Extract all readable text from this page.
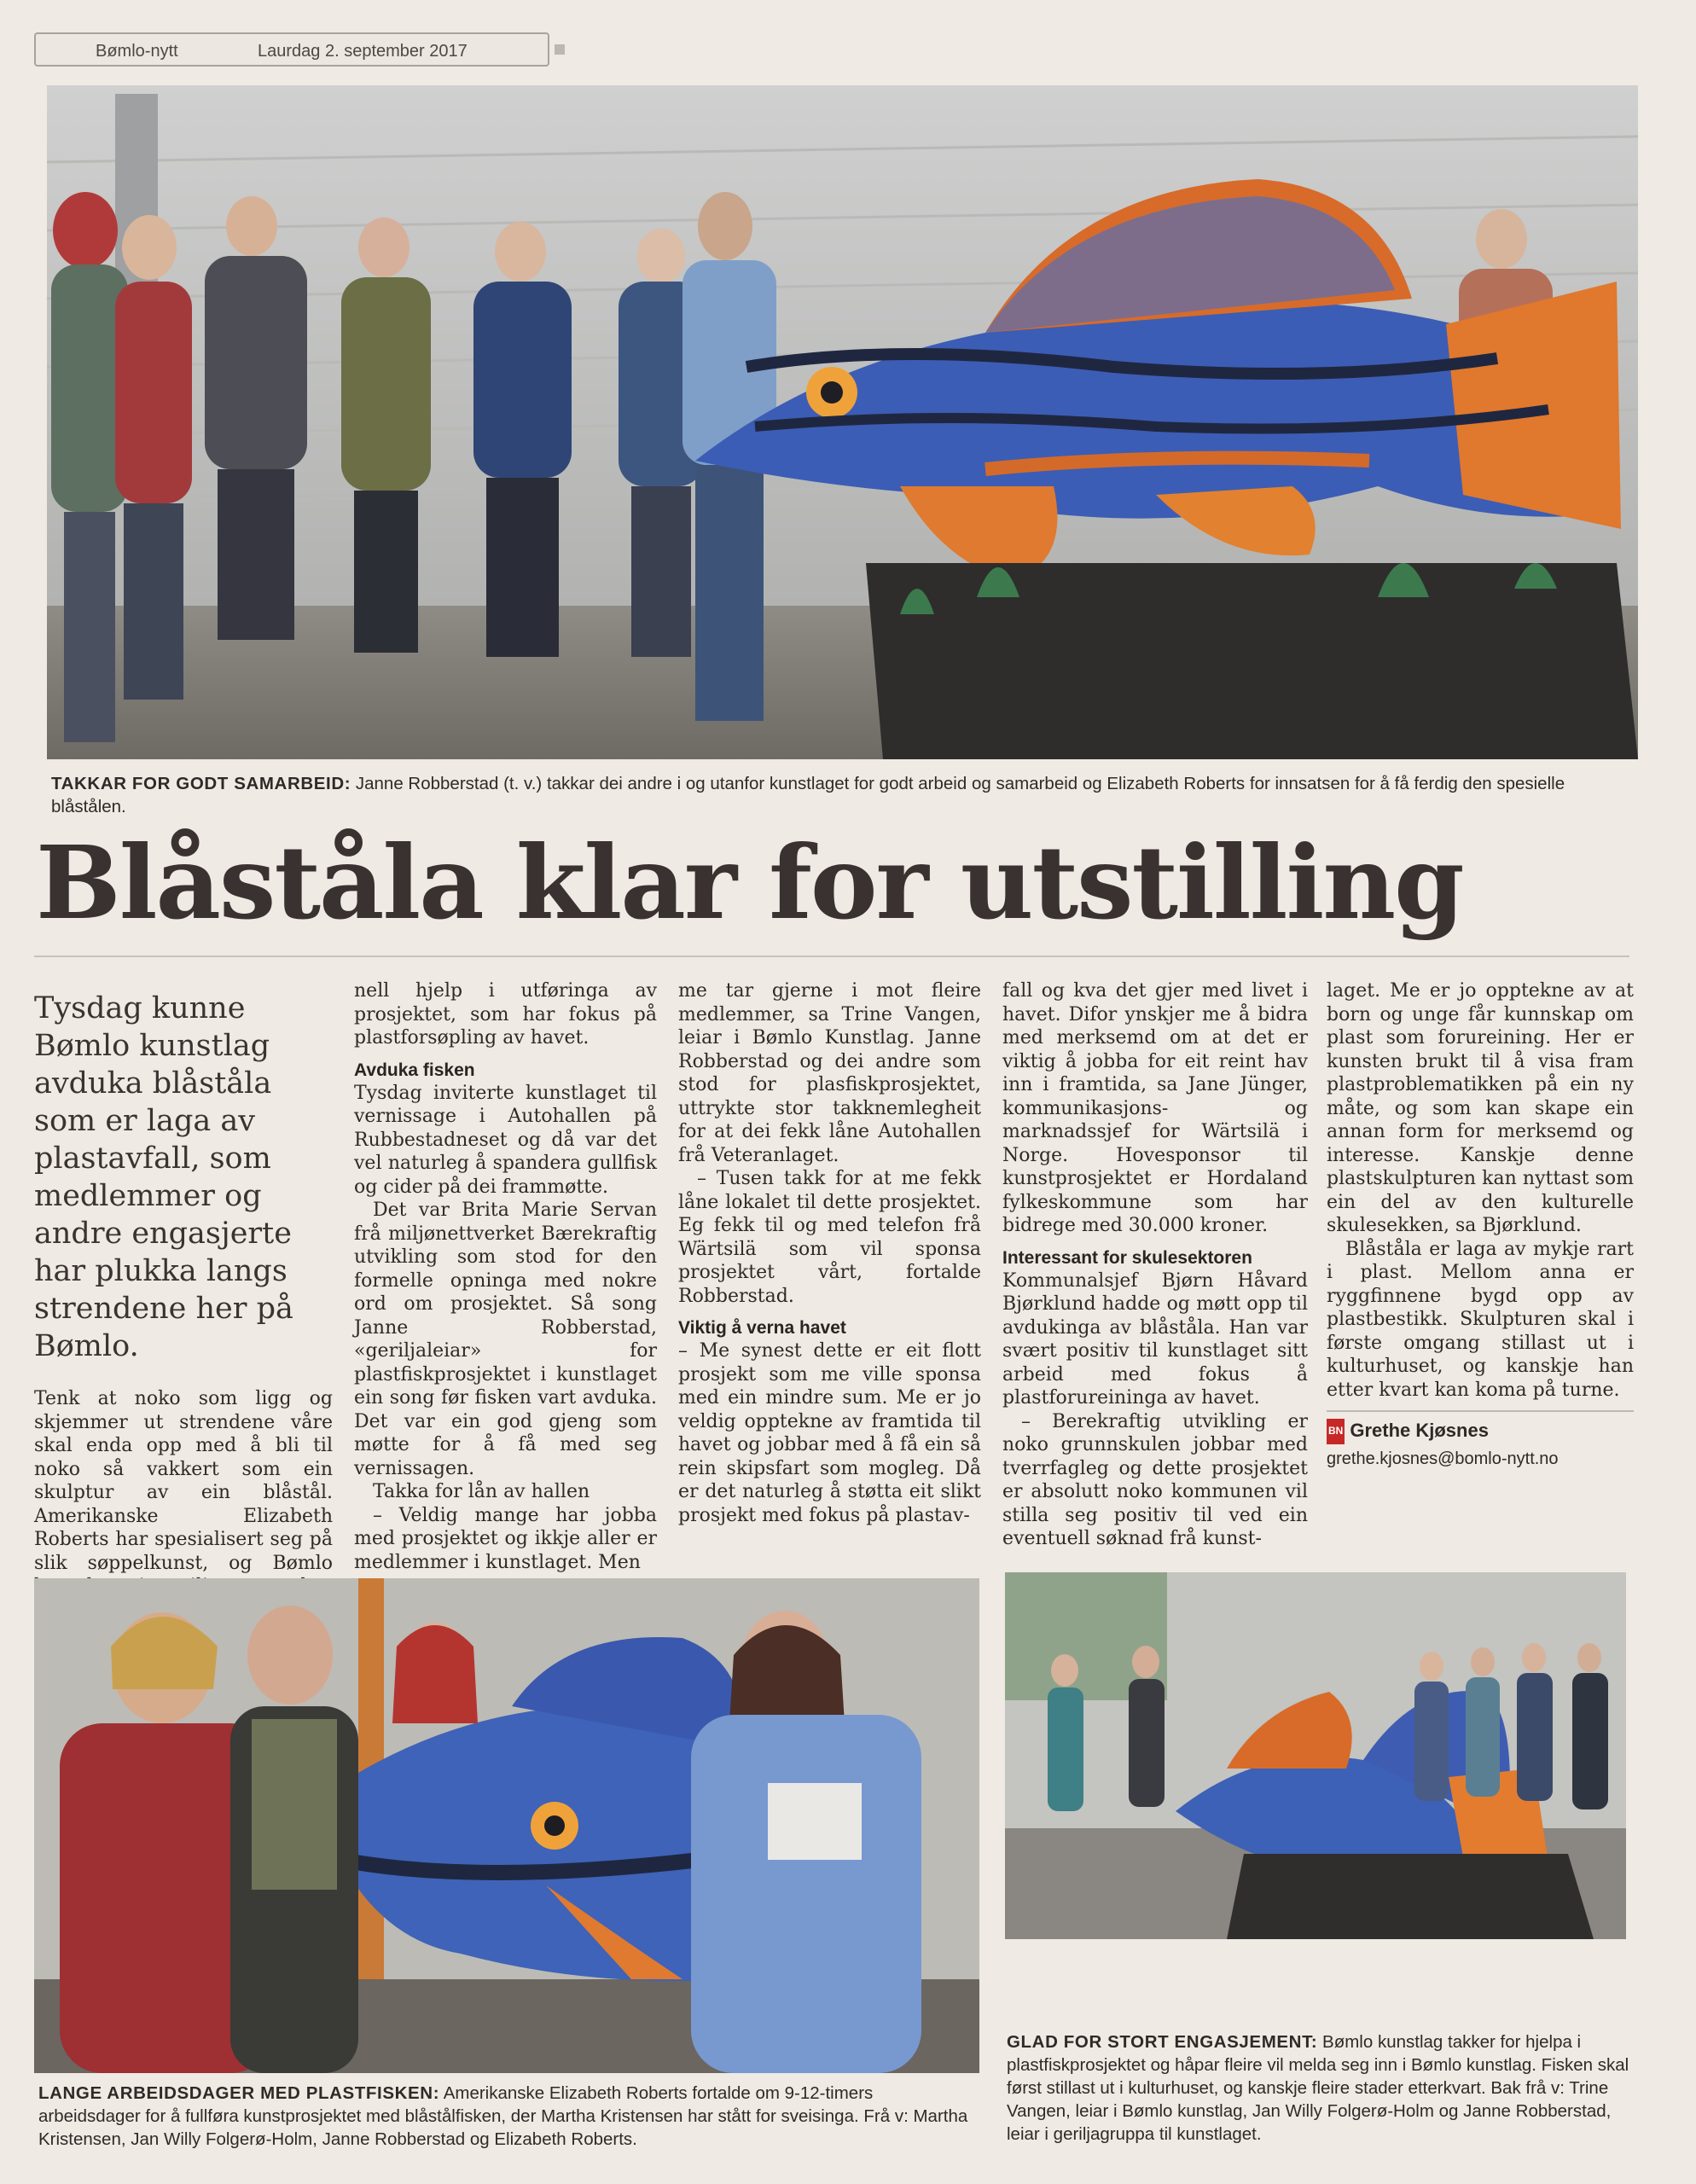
Bømlo-nytt	Laurdag 2. september 2017
TAKKAR FOR GODT SAMARBEID: Janne Robberstad (t. v.) takkar dei andre i og utanfor kunstlaget for godt arbeid og samarbeid og Elizabeth Roberts for innsatsen for å få ferdig den spesielle blåstålen.
Blåståla klar for utstilling

Tysdag kunne Bømlo kunstlag avduka blåståla som er laga av plastavfall, som medlemmer og andre engasjerte har plukka langs strendene her på Bømlo.

Tenk at noko som ligg og skjemmer ut strendene våre skal enda opp med å bli til noko så vakkert som ein skulptur av ein blåstål. Amerikanske Elizabeth Roberts har spesialisert seg på slik søppelkunst, og Bømlo

nell hjelp i utføringa av prosjektet, som har fokus på plastforsøpling av havet.

Avduka fisken

Tysdag inviterte kunstlaget til vernissage i Autohallen på Rubbestadneset og då var det vel naturleg å spandera gullfisk og cider på dei frammøtte.

Det var Brita Marie Servan frå miljønettverket Bærekraftig utvikling som stod for den formelle opninga med nokre ord om prosjektet. Så song Janne Robberstad, «geriljaleiar» for plastfiskprosjektet i kunstlaget ein song før fisken vart avduka. Det var ein god gjeng som møtte for å få med seg vernissagen.

Takka for lån av hallen

– Veldig mange har jobba med prosjektet og ikkje aller er medlemmer i kunstlaget. Men

me tar gjerne i mot fleire medlemmer, sa Trine Vangen, leiar i Bømlo Kunstlag. Janne Robberstad og dei andre som stod for plasfiskprosjektet, uttrykte stor takknemlegheit for at dei fekk låne Autohallen frå Veteranlaget.

– Tusen takk for at me fekk låne lokalet til dette prosjektet. Eg fekk til og med telefon frå Wärtsilä som vil sponsa prosjektet vårt, fortalde Robberstad.

Viktig å verna havet

– Me synest dette er eit flott prosjekt som me ville sponsa med ein mindre sum. Me er jo veldig opptekne av framtida til havet og jobbar med å få ein så rein skipsfart som mogleg. Då er det naturleg å støtta eit slikt prosjekt med fokus på plastav-

fall og kva det gjer med livet i havet. Difor ynskjer me å bidra med merksemd om at det er viktig å jobba for eit reint hav inn i framtida, sa Jane Jünger, kommunikasjons- og marknadssjef for Wärtsilä i Norge. Hovesponsor til kunstprosjektet er Hordaland fylkeskommune som har bidrege med 30.000 kroner.

Interessant for skulesektoren

Kommunalsjef Bjørn Håvard Bjørklund hadde og møtt opp til avdukinga av blåståla. Han var svært positiv til kunstlaget sitt arbeid med fokus å plastforureininga av havet.

– Berekraftig utvikling er noko grunnskulen jobbar med tverrfagleg og dette prosjektet er absolutt noko kommunen vil stilla seg positiv til ved ein eventuell søknad frå kunst-

laget. Me er jo opptekne av at born og unge får kunnskap om plast som forureining. Her er kunsten brukt til å visa fram plastproblematikken på ein ny måte, og som kan skape ein annan form for merksemd og interesse. Kanskje denne plastskulpturen kan nyttast som ein del av den kulturelle skulesekken, sa Bjørklund.

Blåståla er laga av mykje rart i plast. Mellom anna er ryggfinnene bygd opp av plastbestikk. Skulpturen skal i første omgang stillast ut i kulturhuset, og kanskje han etter kvart kan koma på turne.

BN Grethe Kjøsnes
grethe.kjosnes@bomlo-nytt.no
LANGE ARBEIDSDAGER MED PLASTFISKEN: Amerikanske Elizabeth Roberts fortalde om 9-12-timers arbeidsdager for å fullføra kunstprosjektet med blåstålfisken, der Martha Kristensen har stått for sveisinga. Frå v: Martha Kristensen, Jan Willy Folgerø-Holm, Janne Robberstad og Elizabeth Roberts.
GLAD FOR STORT ENGASJEMENT: Bømlo kunstlag takker for hjelpa i plastfiskprosjektet og håpar fleire vil melda seg inn i Bømlo kunstlag. Fisken skal først stillast ut i kulturhuset, og kanskje fleire stader etterkvart. Bak frå v: Trine Vangen, leiar i Bømlo kunstlag, Jan Willy Folgerø-Holm og Janne Robberstad, leiar i geriljagruppa til kunstlaget.
